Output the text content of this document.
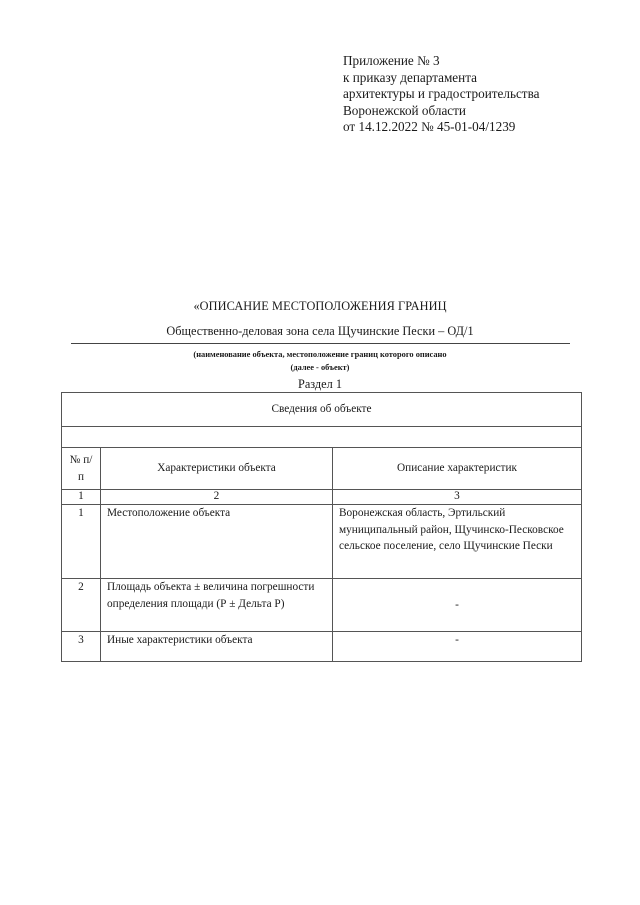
Приложение № 3
к приказу департамента
архитектуры и градостроительства
Воронежской области
от 14.12.2022 № 45-01-04/1239
«ОПИСАНИЕ МЕСТОПОЛОЖЕНИЯ ГРАНИЦ
Общественно-деловая зона села Щучинские Пески – ОД/1
(наименование объекта, местоположение границ которого описано
(далее - объект)
Раздел 1
Сведения об объекте		

№ п/п	Характеристики объекта	Описание характеристик
1	2	3
1	Местоположение объекта	Воронежская область, Эртильский муниципальный район, Щучинско-Песковское сельское поселение, село Щучинские Пески
2	Площадь объекта ± величина погрешности определения площади (Р ± Дельта Р)	-
3	Иные характеристики объекта	-
